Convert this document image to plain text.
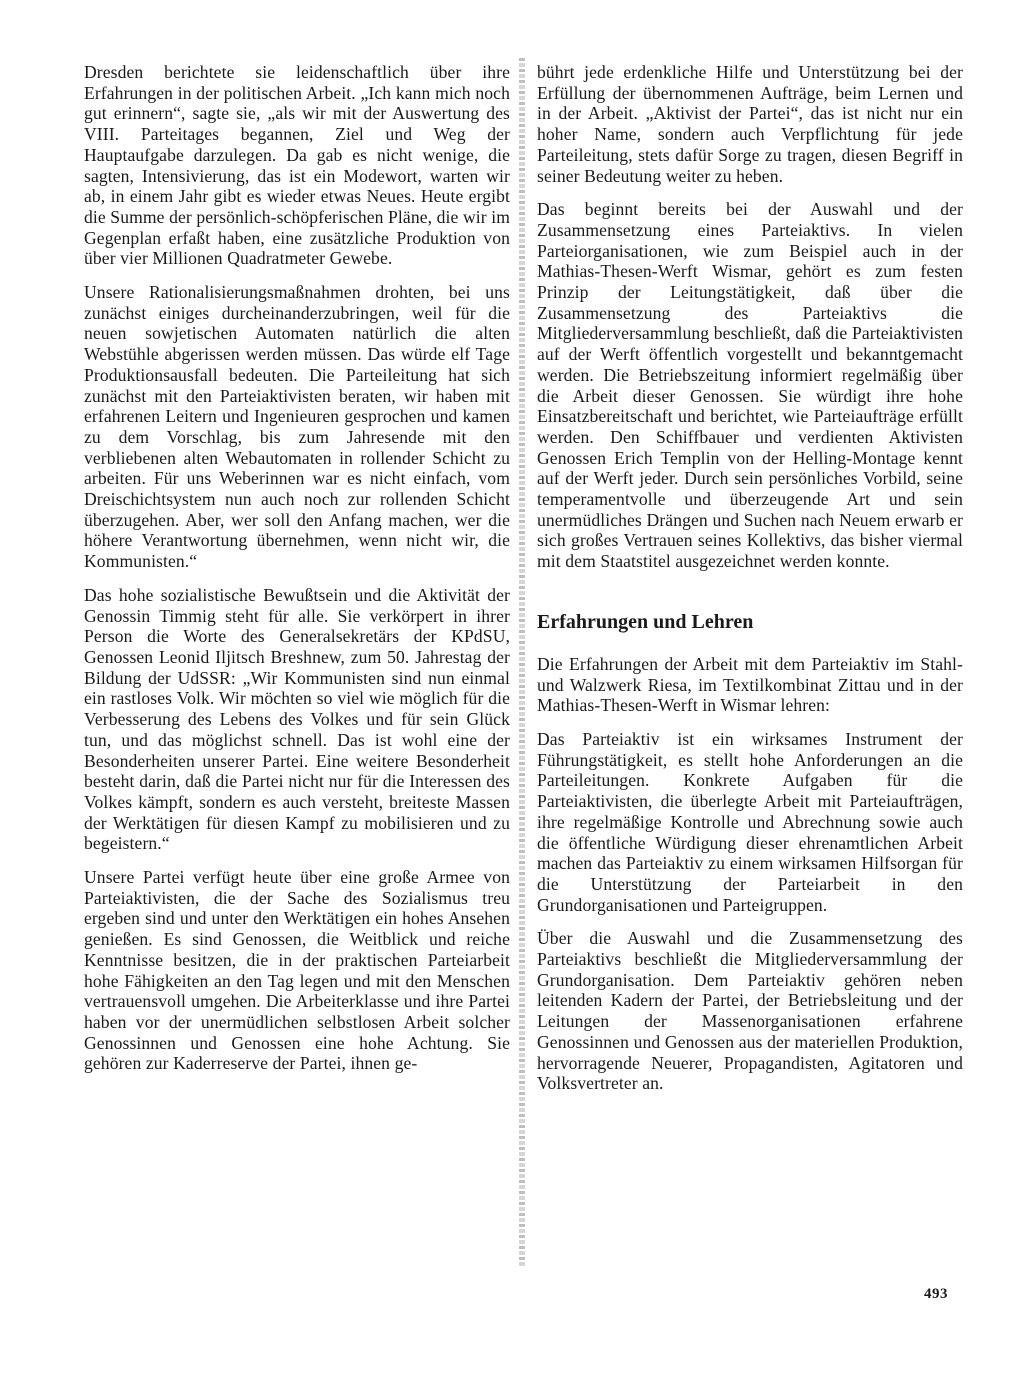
Dresden berichtete sie leidenschaftlich über ihre Erfahrungen in der politischen Arbeit. „Ich kann mich noch gut erinnern“, sagte sie, „als wir mit der Auswertung des VIII. Parteitages begannen, Ziel und Weg der Hauptaufgabe darzulegen. Da gab es nicht wenige, die sagten, Intensivierung, das ist ein Modewort, warten wir ab, in einem Jahr gibt es wieder etwas Neues. Heute ergibt die Summe der persönlich-schöpferischen Pläne, die wir im Gegenplan erfaßt haben, eine zusätzliche Produktion von über vier Millionen Quadratmeter Gewebe.

Unsere Rationalisierungsmaßnahmen drohten, bei uns zunächst einiges durcheinanderzubringen, weil für die neuen sowjetischen Automaten natürlich die alten Webstühle abgerissen werden müssen. Das würde elf Tage Produktionsausfall bedeuten. Die Parteileitung hat sich zunächst mit den Parteiaktivisten beraten, wir haben mit erfahrenen Leitern und Ingenieuren gesprochen und kamen zu dem Vorschlag, bis zum Jahresende mit den verbliebenen alten Webautomaten in rollender Schicht zu arbeiten. Für uns Weberinnen war es nicht einfach, vom Dreischichtsystem nun auch noch zur rollenden Schicht überzugehen. Aber, wer soll den Anfang machen, wer die höhere Verantwortung übernehmen, wenn nicht wir, die Kommunisten.“

Das hohe sozialistische Bewußtsein und die Aktivität der Genossin Timmig steht für alle. Sie verkörpert in ihrer Person die Worte des Generalsekretärs der KPdSU, Genossen Leonid Iljitsch Breshnew, zum 50. Jahrestag der Bildung der UdSSR: „Wir Kommunisten sind nun einmal ein rastloses Volk. Wir möchten so viel wie möglich für die Verbesserung des Lebens des Volkes und für sein Glück tun, und das möglichst schnell. Das ist wohl eine der Besonderheiten unserer Partei. Eine weitere Besonderheit besteht darin, daß die Partei nicht nur für die Interessen des Volkes kämpft, sondern es auch versteht, breiteste Massen der Werktätigen für diesen Kampf zu mobilisieren und zu begeistern.“

Unsere Partei verfügt heute über eine große Armee von Parteiaktivisten, die der Sache des Sozialismus treu ergeben sind und unter den Werktätigen ein hohes Ansehen genießen. Es sind Genossen, die Weitblick und reiche Kenntnisse besitzen, die in der praktischen Parteiarbeit hohe Fähigkeiten an den Tag legen und mit den Menschen vertrauensvoll umgehen. Die Arbeiterklasse und ihre Partei haben vor der unermüdlichen selbstlosen Arbeit solcher Genossinnen und Genossen eine hohe Achtung. Sie gehören zur Kaderreserve der Partei, ihnen ge-

bührt jede erdenkliche Hilfe und Unterstützung bei der Erfüllung der übernommenen Aufträge, beim Lernen und in der Arbeit. „Aktivist der Partei“, das ist nicht nur ein hoher Name, sondern auch Verpflichtung für jede Parteileitung, stets dafür Sorge zu tragen, diesen Begriff in seiner Bedeutung weiter zu heben.

Das beginnt bereits bei der Auswahl und der Zusammensetzung eines Parteiaktivs. In vielen Parteiorganisationen, wie zum Beispiel auch in der Mathias-Thesen-Werft Wismar, gehört es zum festen Prinzip der Leitungstätigkeit, daß über die Zusammensetzung des Parteiaktivs die Mitgliederversammlung beschließt, daß die Parteiaktivisten auf der Werft öffentlich vorgestellt und bekanntgemacht werden. Die Betriebszeitung informiert regelmäßig über die Arbeit dieser Genossen. Sie würdigt ihre hohe Einsatzbereitschaft und berichtet, wie Parteiaufträge erfüllt werden. Den Schiffbauer und verdienten Aktivisten Genossen Erich Templin von der Helling-Montage kennt auf der Werft jeder. Durch sein persönliches Vorbild, seine temperamentvolle und überzeugende Art und sein unermüdliches Drängen und Suchen nach Neuem erwarb er sich großes Vertrauen seines Kollektivs, das bisher viermal mit dem Staatstitel ausgezeichnet werden konnte.

Erfahrungen und Lehren

Die Erfahrungen der Arbeit mit dem Parteiaktiv im Stahl- und Walzwerk Riesa, im Textilkombinat Zittau und in der Mathias-Thesen-Werft in Wismar lehren:

Das Parteiaktiv ist ein wirksames Instrument der Führungstätigkeit, es stellt hohe Anforderungen an die Parteileitungen. Konkrete Aufgaben für die Parteiaktivisten, die überlegte Arbeit mit Parteiaufträgen, ihre regelmäßige Kontrolle und Abrechnung sowie auch die öffentliche Würdigung dieser ehrenamtlichen Arbeit machen das Parteiaktiv zu einem wirksamen Hilfsorgan für die Unterstützung der Parteiarbeit in den Grundorganisationen und Parteigruppen.

Über die Auswahl und die Zusammensetzung des Parteiaktivs beschließt die Mitgliederversammlung der Grundorganisation. Dem Parteiaktiv gehören neben leitenden Kadern der Partei, der Betriebsleitung und der Leitungen der Massenorganisationen erfahrene Genossinnen und Genossen aus der materiellen Produktion, hervorragende Neuerer, Propagandisten, Agitatoren und Volksvertreter an.

493
